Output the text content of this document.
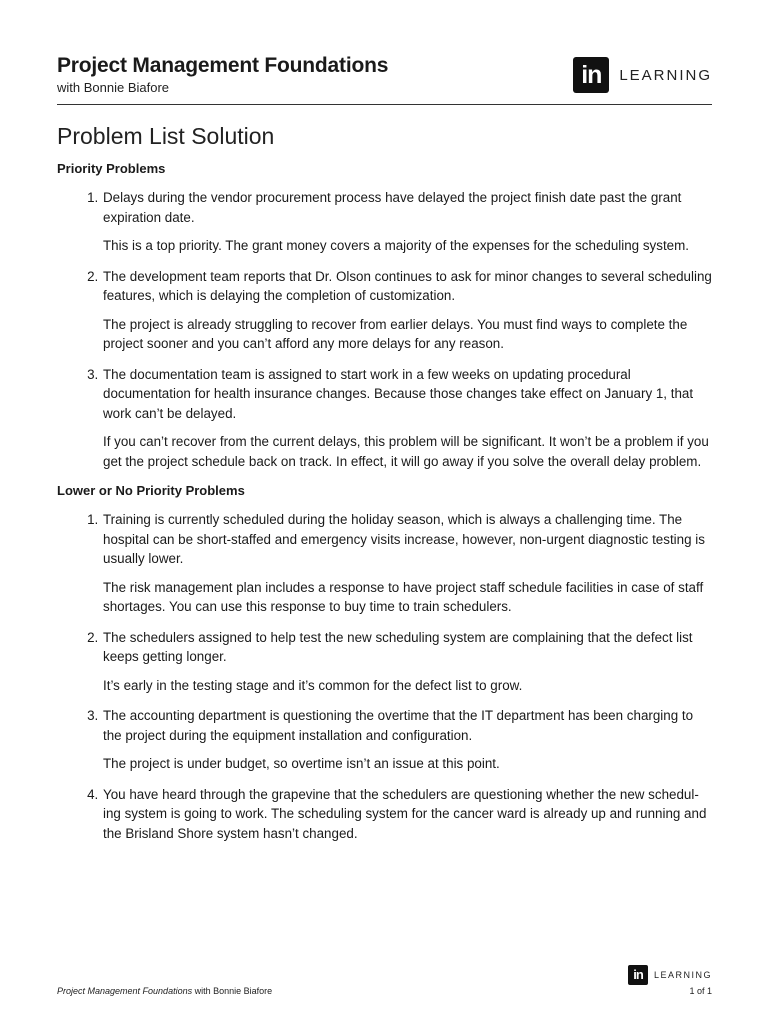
Project Management Foundations

with Bonnie Biafore	in	LEARNING
Problem List Solution
Priority Problems

1. Delays during the vendor procurement process have delayed the project finish date past the grant expiration date.

This is a top priority. The grant money covers a majority of the expenses for the scheduling system.

2. The development team reports that Dr. Olson continues to ask for minor changes to several scheduling features, which is delaying the completion of customization.

The project is already struggling to recover from earlier delays. You must find ways to complete the project sooner and you can’t afford any more delays for any reason.

3. The documentation team is assigned to start work in a few weeks on updating procedural documentation for health insurance changes. Because those changes take effect on January 1, that work can’t be delayed.

If you can’t recover from the current delays, this problem will be significant. It won’t be a problem if you get the project schedule back on track. In effect, it will go away if you solve the overall delay problem.

Lower or No Priority Problems

1. Training is currently scheduled during the holiday season, which is always a challenging time. The hospital can be short-staffed and emergency visits increase, however, non-urgent diagnostic testing is usually lower.

The risk management plan includes a response to have project staff schedule facilities in case of staff shortages. You can use this response to buy time to train schedulers.

2. The schedulers assigned to help test the new scheduling system are complaining that the defect list keeps getting longer.

It’s early in the testing stage and it’s common for the defect list to grow.

3. The accounting department is questioning the overtime that the IT department has been charging to the project during the equipment installation and configuration.

The project is under budget, so overtime isn’t an issue at this point.

4. You have heard through the grapevine that the schedulers are questioning whether the new schedul-ing system is going to work. The scheduling system for the cancer ward is already up and running and the Brisland Shore system hasn’t changed.

Project Management Foundations with Bonnie Biafore
in	LEARNING
1 of 1
